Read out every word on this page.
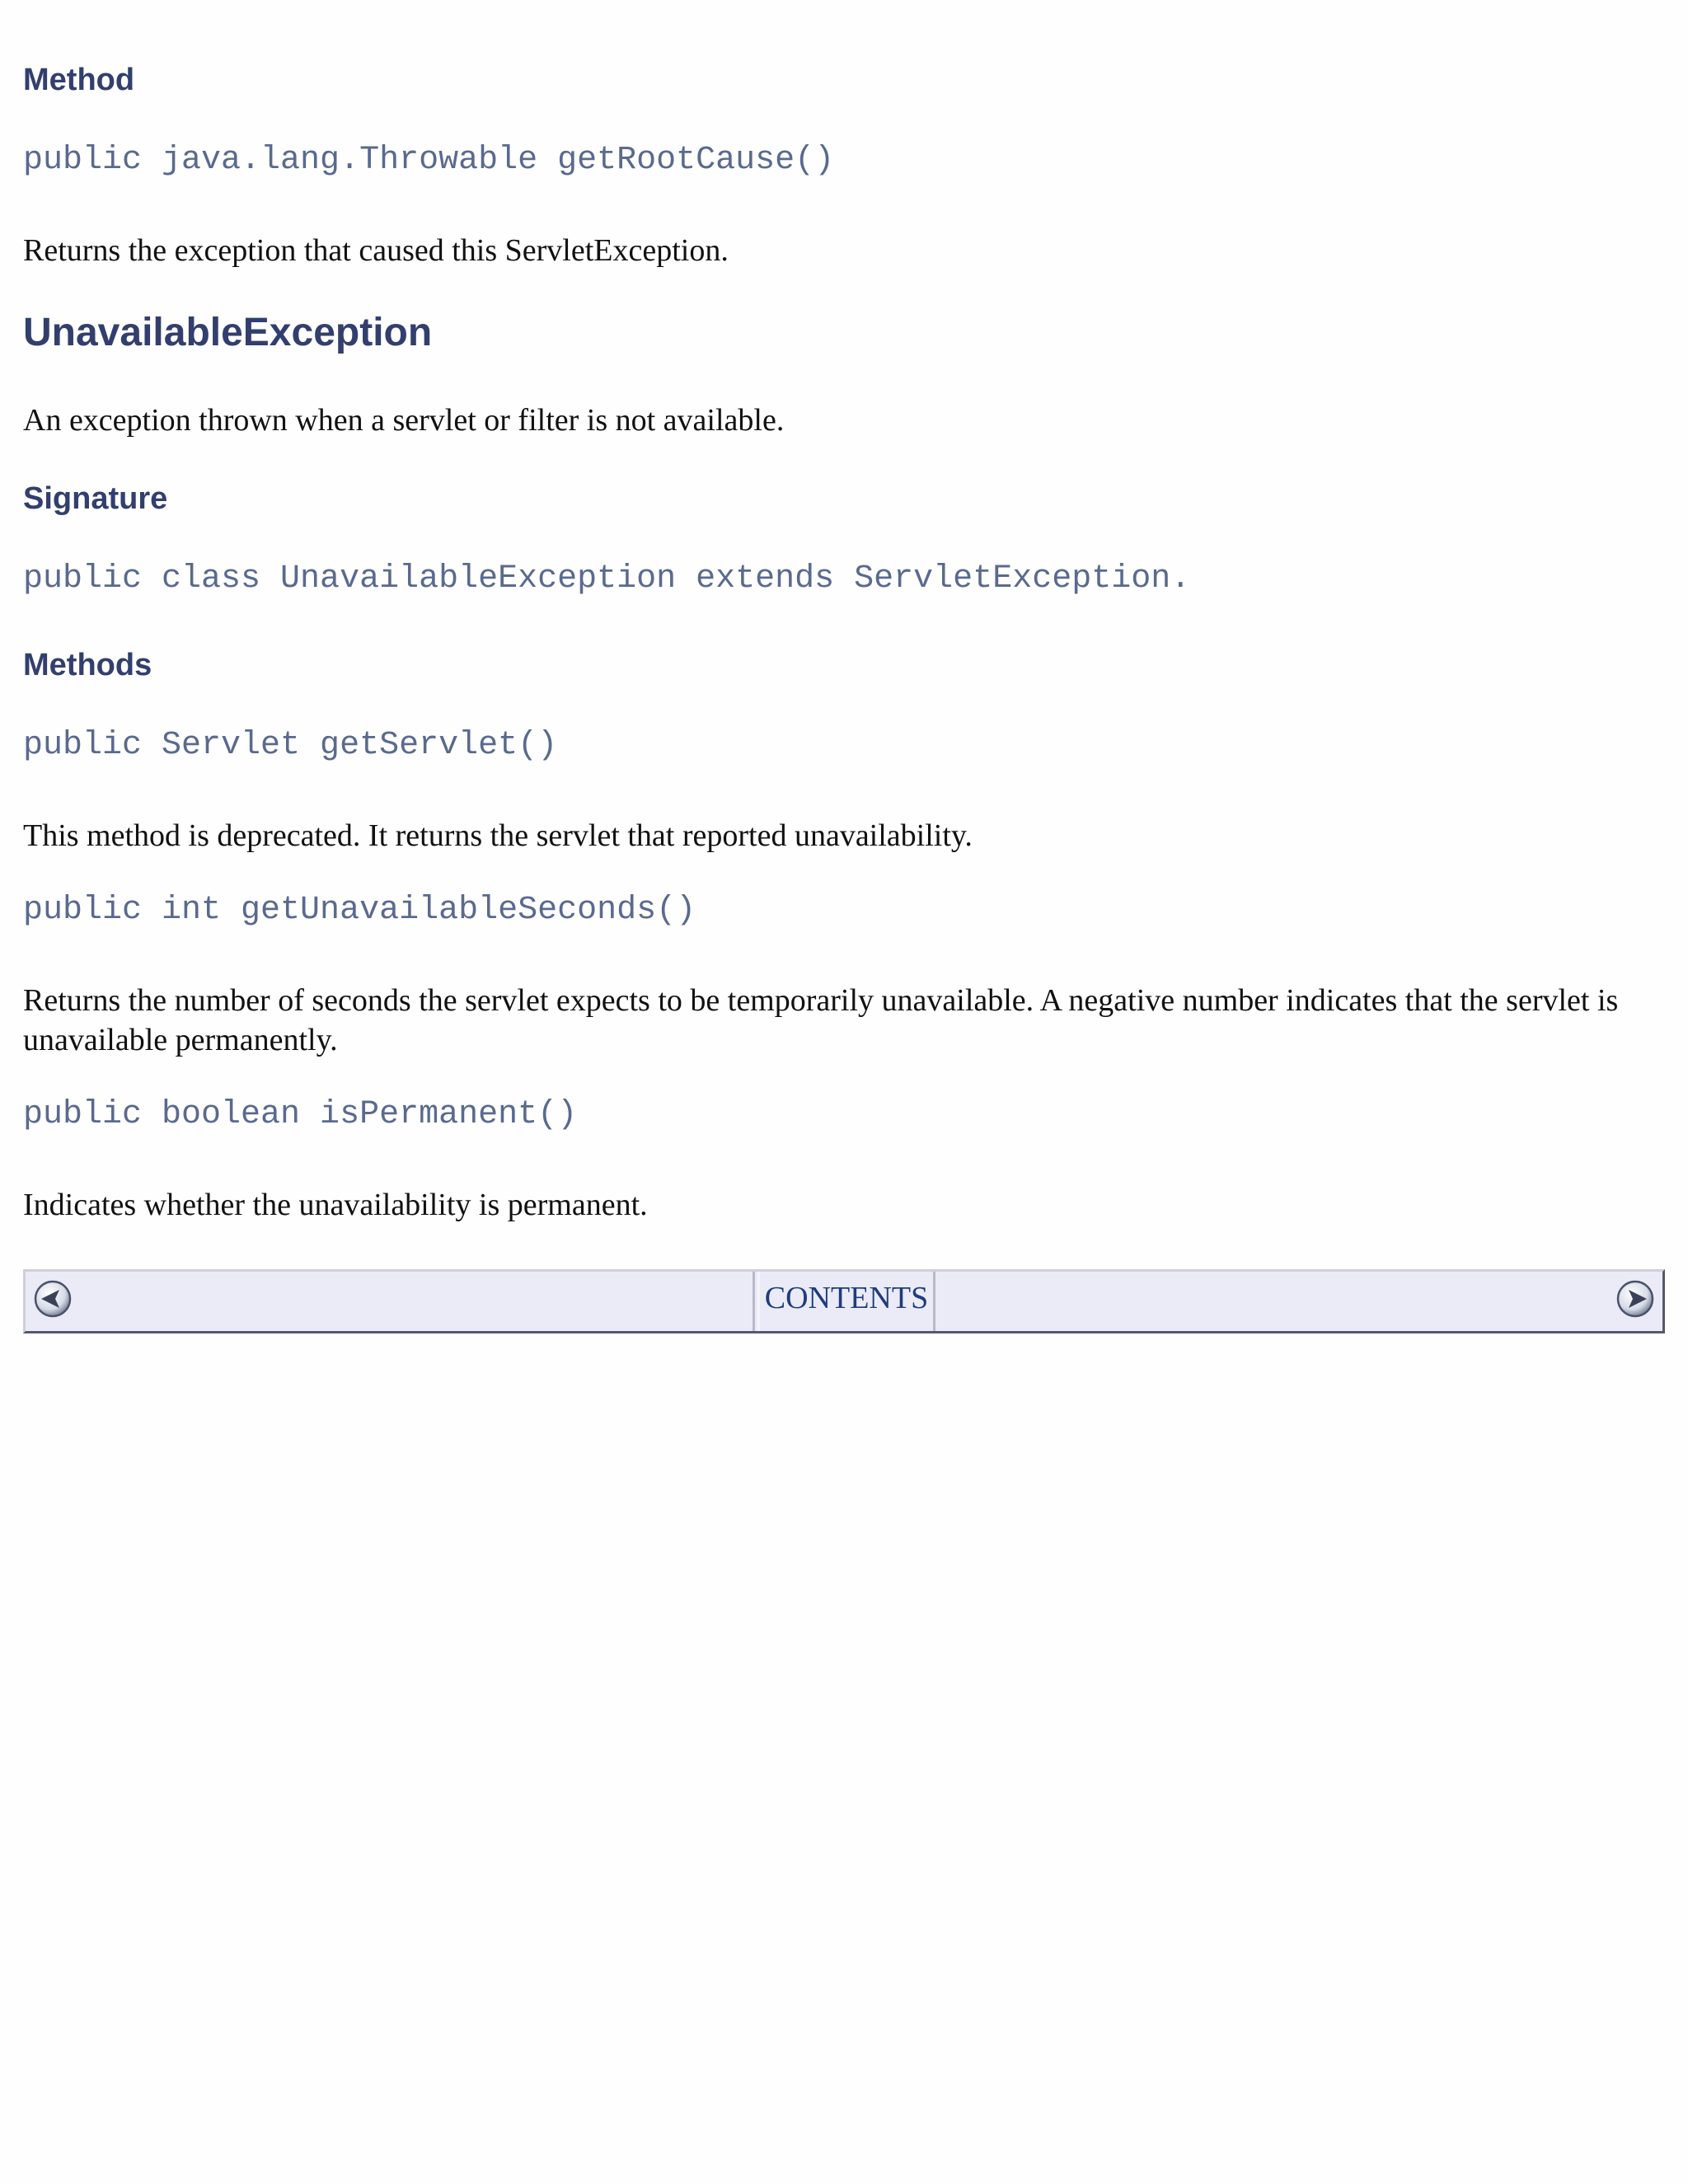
Method
public java.lang.Throwable getRootCause()

Returns the exception that caused this ServletException.

UnavailableException

An exception thrown when a servlet or filter is not available.

Signature
public class UnavailableException extends ServletException.
Methods
public Servlet getServlet()

This method is deprecated. It returns the servlet that reported unavailability.

public int getUnavailableSeconds()

Returns the number of seconds the servlet expects to be temporarily unavailable. A negative number indicates that the servlet is unavailable permanently.

public boolean isPermanent()

Indicates whether the unavailability is permanent.

CONTENTS
